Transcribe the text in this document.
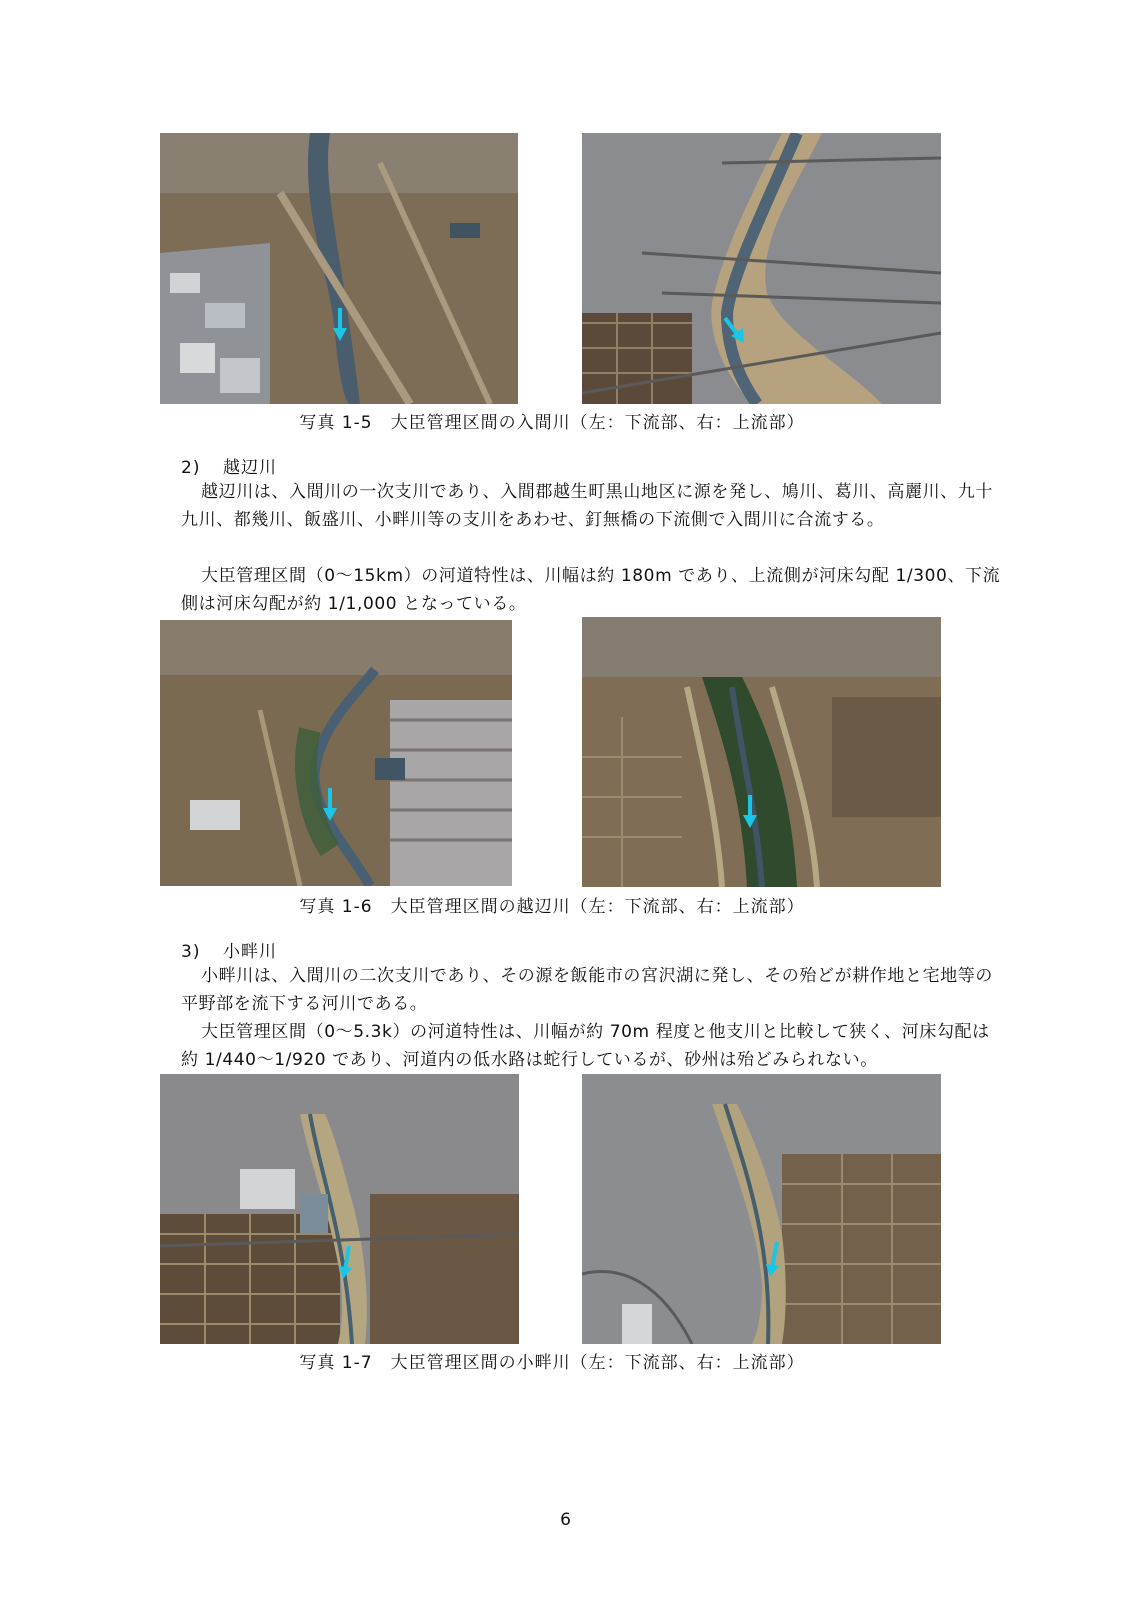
写真 1-5　大臣管理区間の入間川（左：下流部、右：上流部）
2) 越辺川

越辺川は、入間川の一次支川であり、入間郡越生町黒山地区に源を発し、鳩川、葛川、高麗川、九十九川、都幾川、飯盛川、小畔川等の支川をあわせ、釘無橋の下流側で入間川に合流する。

大臣管理区間（0～15km）の河道特性は、川幅は約 180m であり、上流側が河床勾配 1/300、下流側は河床勾配が約 1/1,000 となっている。

写真 1-6　大臣管理区間の越辺川（左：下流部、右：上流部）
3) 小畔川

小畔川は、入間川の二次支川であり、その源を飯能市の宮沢湖に発し、その殆どが耕作地と宅地等の平野部を流下する河川である。

大臣管理区間（0～5.3k）の河道特性は、川幅が約 70m 程度と他支川と比較して狭く、河床勾配は約 1/440～1/920 であり、河道内の低水路は蛇行しているが、砂州は殆どみられない。

写真 1-7　大臣管理区間の小畔川（左：下流部、右：上流部）
6
